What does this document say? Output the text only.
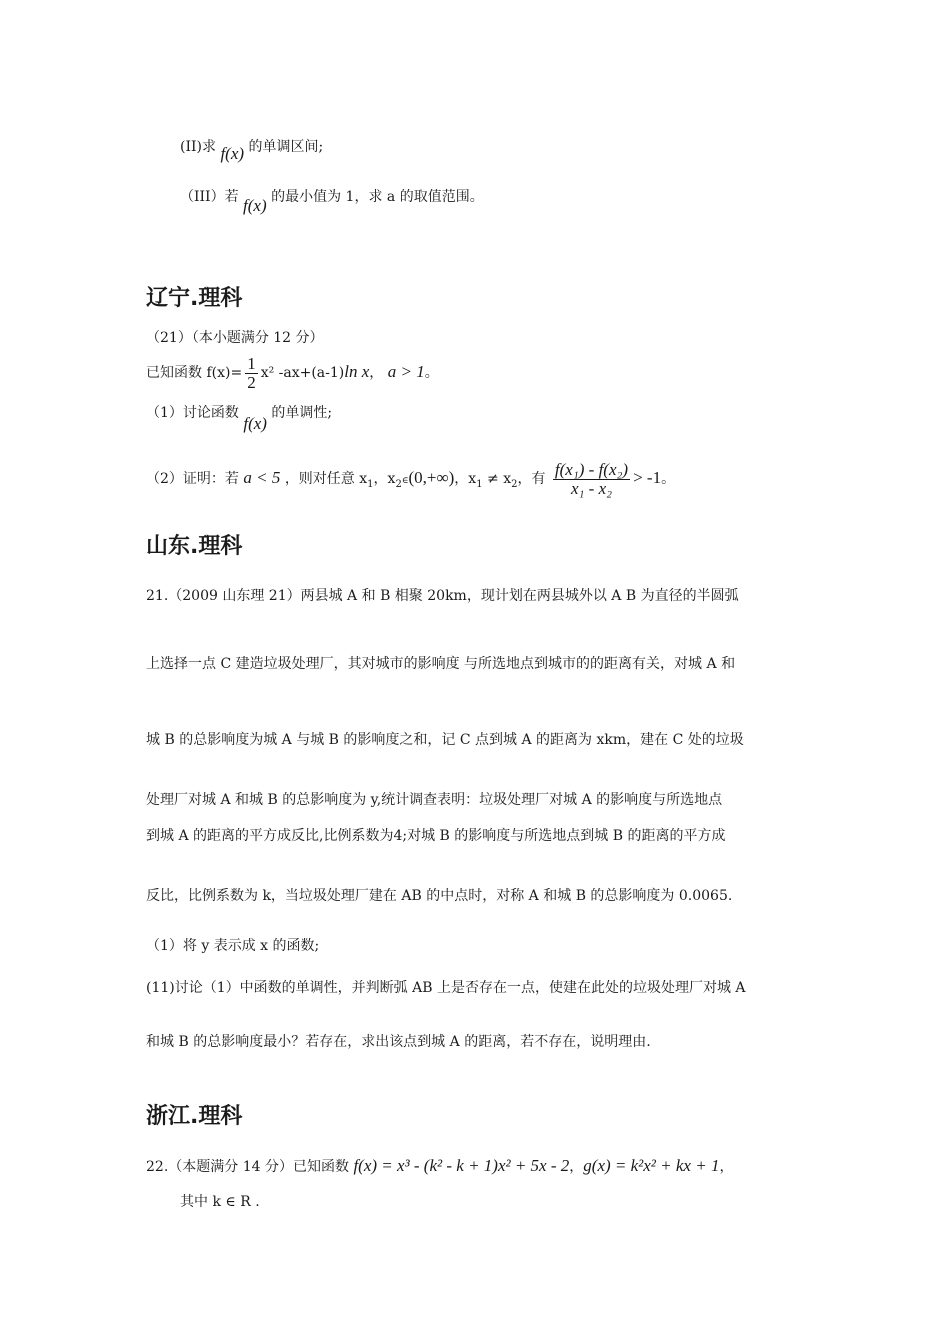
(II)求 f(x) 的单调区间;
（III）若 f(x) 的最小值为 1，求 a 的取值范围。
辽宁.理科
（21）（本小题满分 12 分）
已知函数 $f(x)= \frac{1}{2} x^2$ -ax+(a-1)ln x， a > 1。
（1）讨论函数 f(x) 的单调性;
（2）证明：若 a < 5 ，则对任意 $x_1$，$x_2\in(0,+\infty)$，$x_1 \ne x_2$，有 $\frac{\text{f(x₁) - f(x₂)}}{\text{x₁ - x₂}} > -1$。
山东.理科
21.（2009 山东理 21）两县城 A 和 B 相聚 20km，现计划在两县城外以 A B 为直径的半圆弧
上选择一点 C 建造垃圾处理厂，其对城市的影响度 与所选地点到城市的的距离有关，对城 A 和
城 B 的总影响度为城 A 与城 B 的影响度之和，记 C 点到城 A 的距离为 xkm，建在 C 处的垃圾
处理厂对城 A 和城 B 的总影响度为 y,统计调查表明：垃圾处理厂对城 A 的影响度与所选地点
到城 A 的距离的平方成反比,比例系数为4;对城 B 的影响度与所选地点到城 B 的距离的平方成
反比，比例系数为 k，当垃圾处理厂建在 AB 的中点时，对称 A 和城 B 的总影响度为 0.0065.
（1）将 y 表示成 x 的函数;
(11)讨论（1）中函数的单调性，并判断弧 AB 上是否存在一点，使建在此处的垃圾处理厂对城 A
和城 B 的总影响度最小？若存在，求出该点到城 A 的距离，若不存在，说明理由.
浙江.理科
22.（本题满分 14 分）已知函数 f(x) = x³ - (k² - k + 1)x² + 5x - 2，g(x) = k²x² + kx + 1，
其中 k ∈ R .
